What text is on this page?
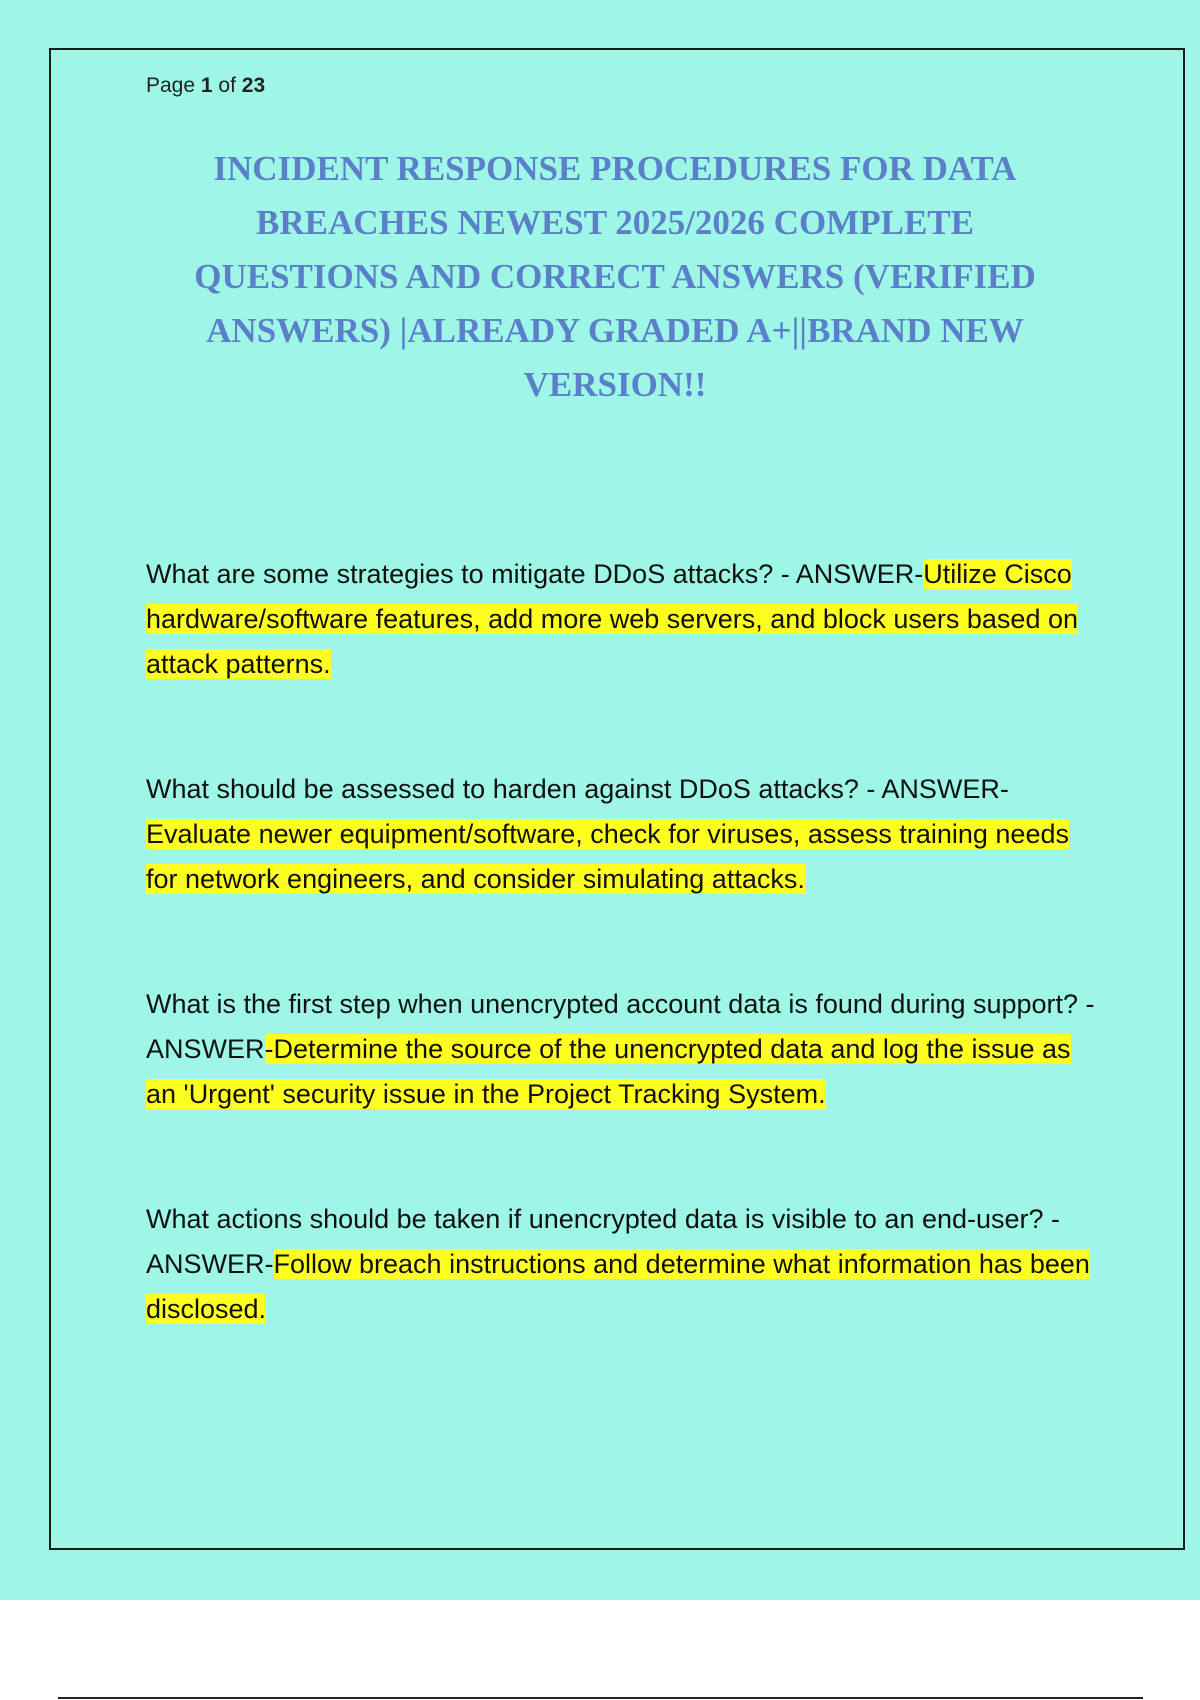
Page 1 of 23
INCIDENT RESPONSE PROCEDURES FOR DATA BREACHES NEWEST 2025/2026 COMPLETE QUESTIONS AND CORRECT ANSWERS (VERIFIED ANSWERS) |ALREADY GRADED A+||BRAND NEW VERSION!!
What are some strategies to mitigate DDoS attacks? - ANSWER-Utilize Cisco hardware/software features, add more web servers, and block users based on attack patterns.
What should be assessed to harden against DDoS attacks? - ANSWER-Evaluate newer equipment/software, check for viruses, assess training needs for network engineers, and consider simulating attacks.
What is the first step when unencrypted account data is found during support? - ANSWER-Determine the source of the unencrypted data and log the issue as an 'Urgent' security issue in the Project Tracking System.
What actions should be taken if unencrypted data is visible to an end-user? - ANSWER-Follow breach instructions and determine what information has been disclosed.
